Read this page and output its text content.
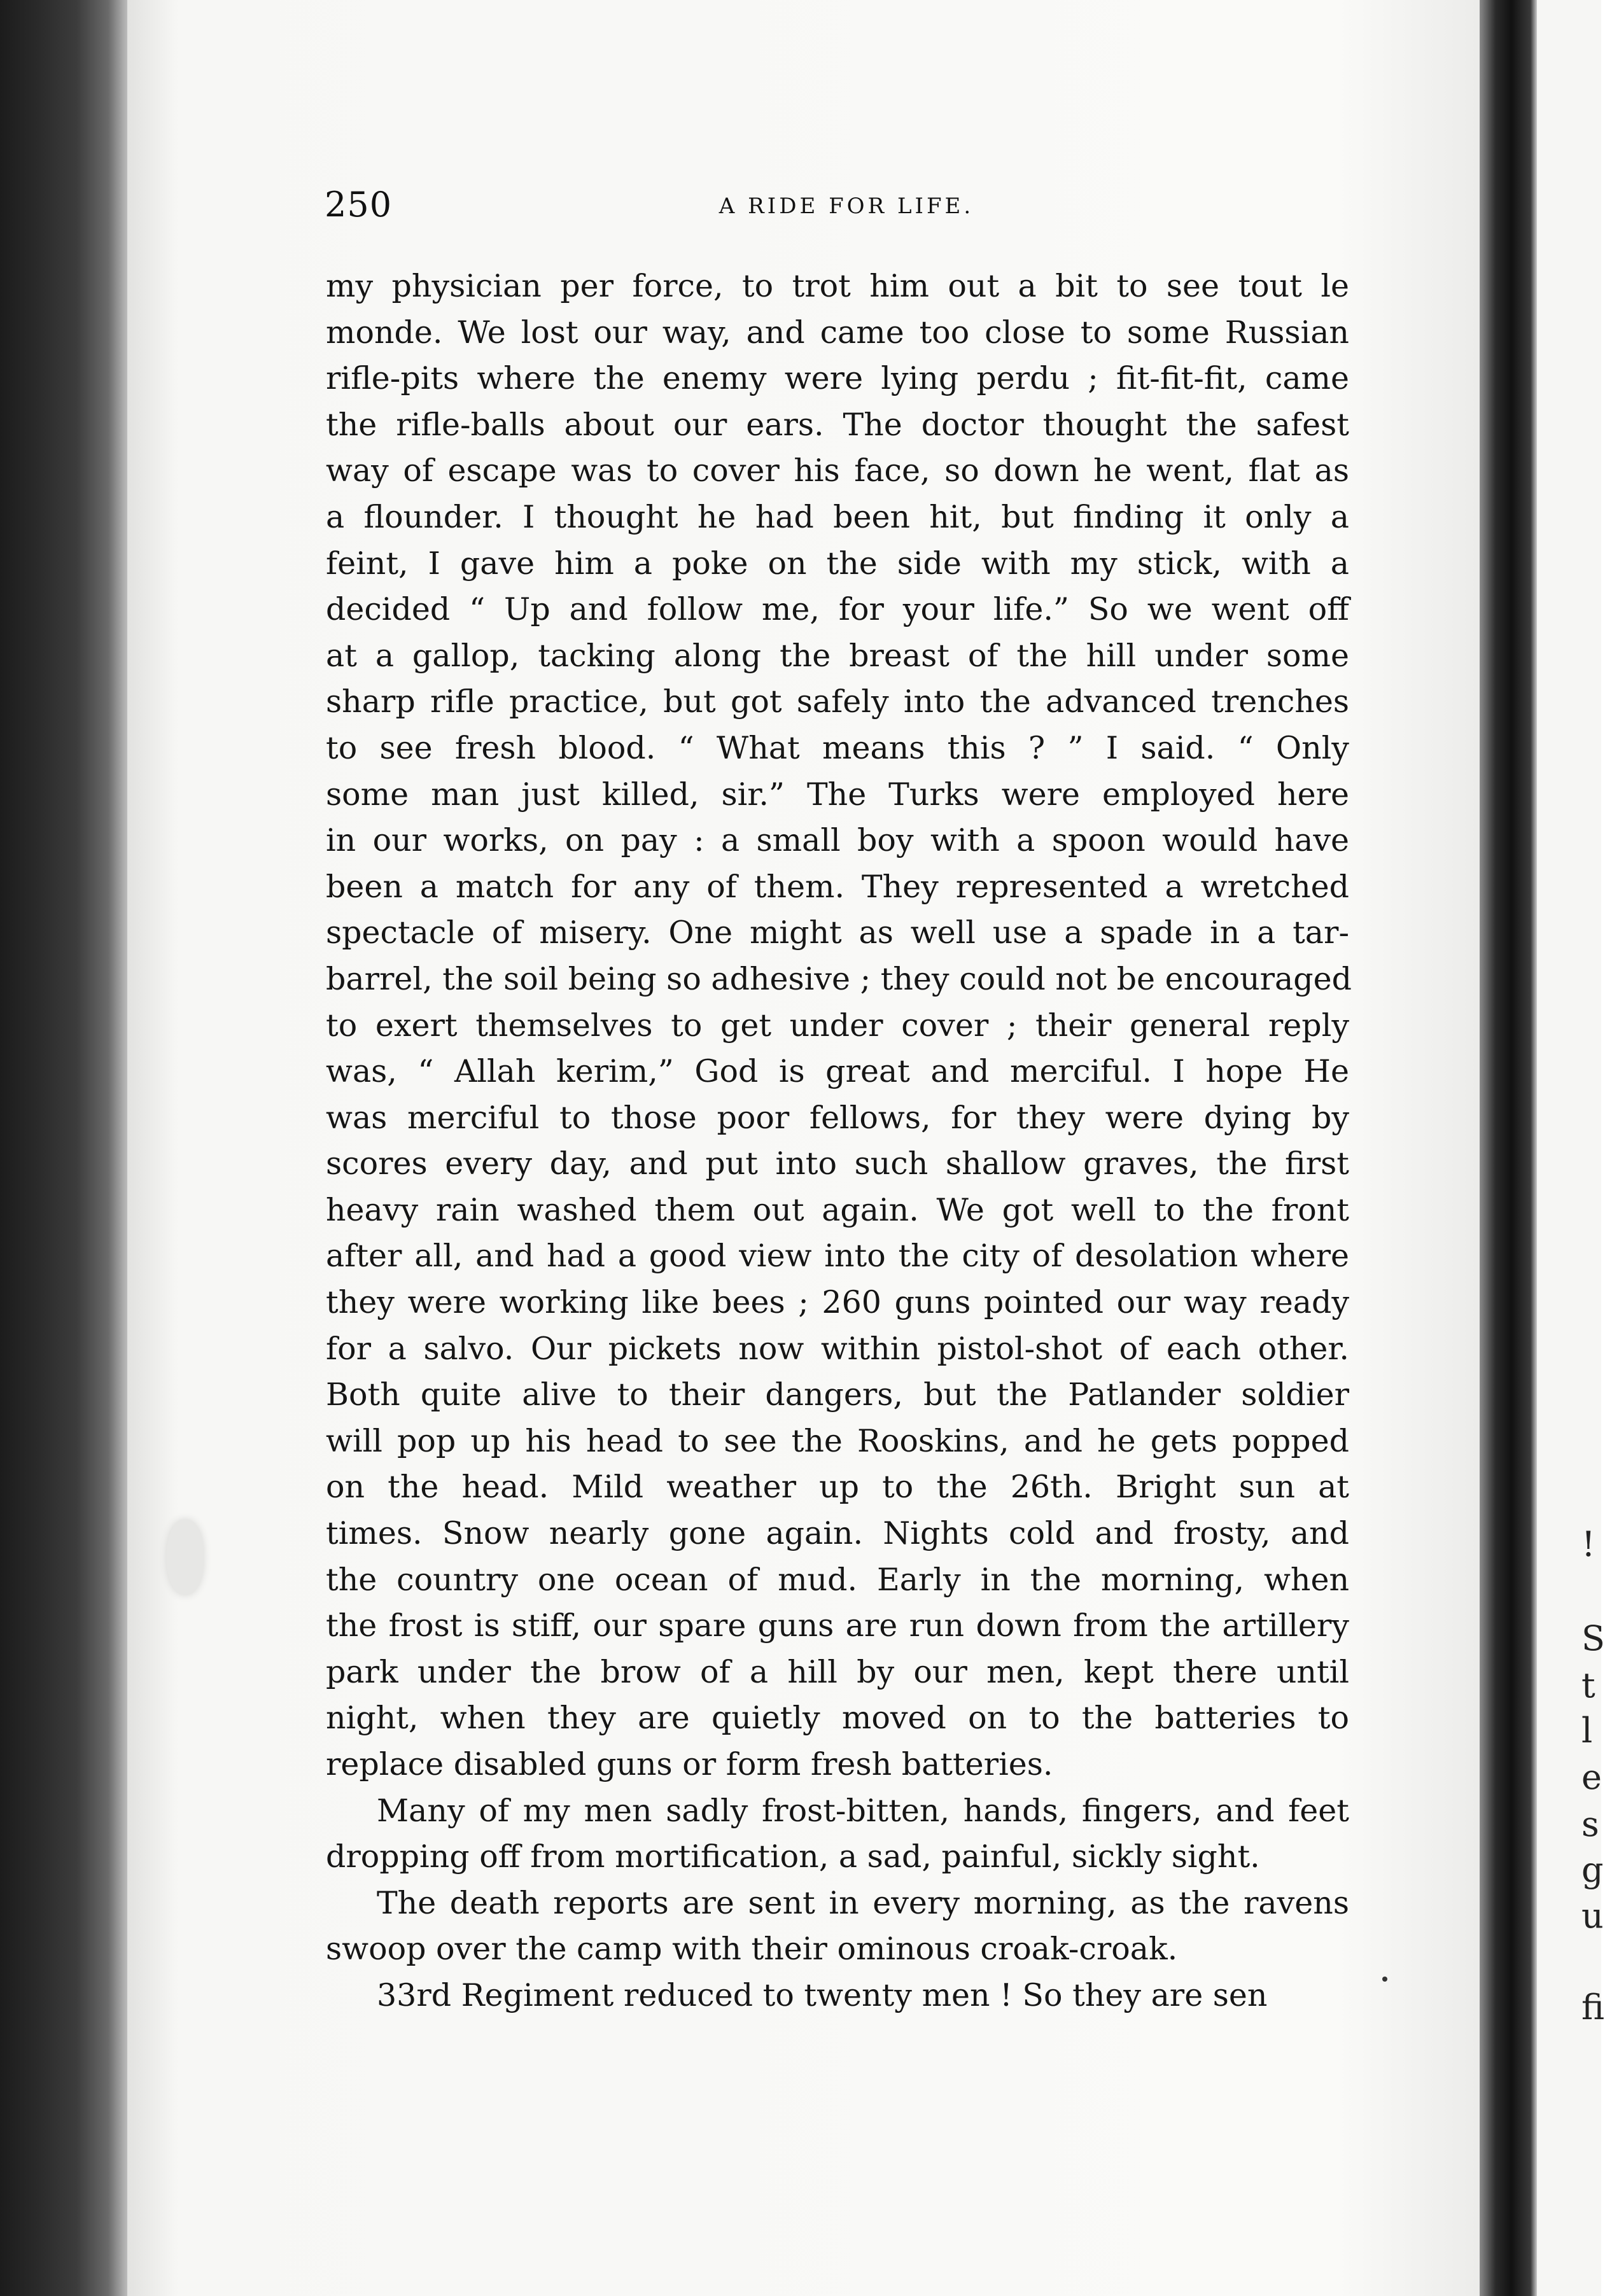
!
S
t
l
e
s
g
u
fi
250	A RIDE FOR LIFE.
my physician per force, to trot him out a bit to see tout le
monde. We lost our way, and came too close to some Russian
rifle-pits where the enemy were lying perdu ; fit-fit-fit, came
the rifle-balls about our ears. The doctor thought the safest
way of escape was to cover his face, so down he went, flat as
a flounder. I thought he had been hit, but finding it only a
feint, I gave him a poke on the side with my stick, with a
decided “ Up and follow me, for your life.” So we went off
at a gallop, tacking along the breast of the hill under some
sharp rifle practice, but got safely into the advanced trenches
to see fresh blood. “ What means this ? ” I said. “ Only
some man just killed, sir.” The Turks were employed here
in our works, on pay : a small boy with a spoon would have
been a match for any of them. They represented a wretched
spectacle of misery. One might as well use a spade in a tar-
barrel, the soil being so adhesive ; they could not be encouraged
to exert themselves to get under cover ; their general reply
was, “ Allah kerim,” God is great and merciful. I hope He
was merciful to those poor fellows, for they were dying by
scores every day, and put into such shallow graves, the first
heavy rain washed them out again. We got well to the front
after all, and had a good view into the city of desolation where
they were working like bees ; 260 guns pointed our way ready
for a salvo. Our pickets now within pistol-shot of each other.
Both quite alive to their dangers, but the Patlander soldier
will pop up his head to see the Rooskins, and he gets popped
on the head. Mild weather up to the 26th. Bright sun at
times. Snow nearly gone again. Nights cold and frosty, and
the country one ocean of mud. Early in the morning, when
the frost is stiff, our spare guns are run down from the artillery
park under the brow of a hill by our men, kept there until
night, when they are quietly moved on to the batteries to
replace disabled guns or form fresh batteries.
Many of my men sadly frost-bitten, hands, fingers, and feet
dropping off from mortification, a sad, painful, sickly sight.
The death reports are sent in every morning, as the ravens
swoop over the camp with their ominous croak-croak.
33rd Regiment reduced to twenty men ! So they are sen
